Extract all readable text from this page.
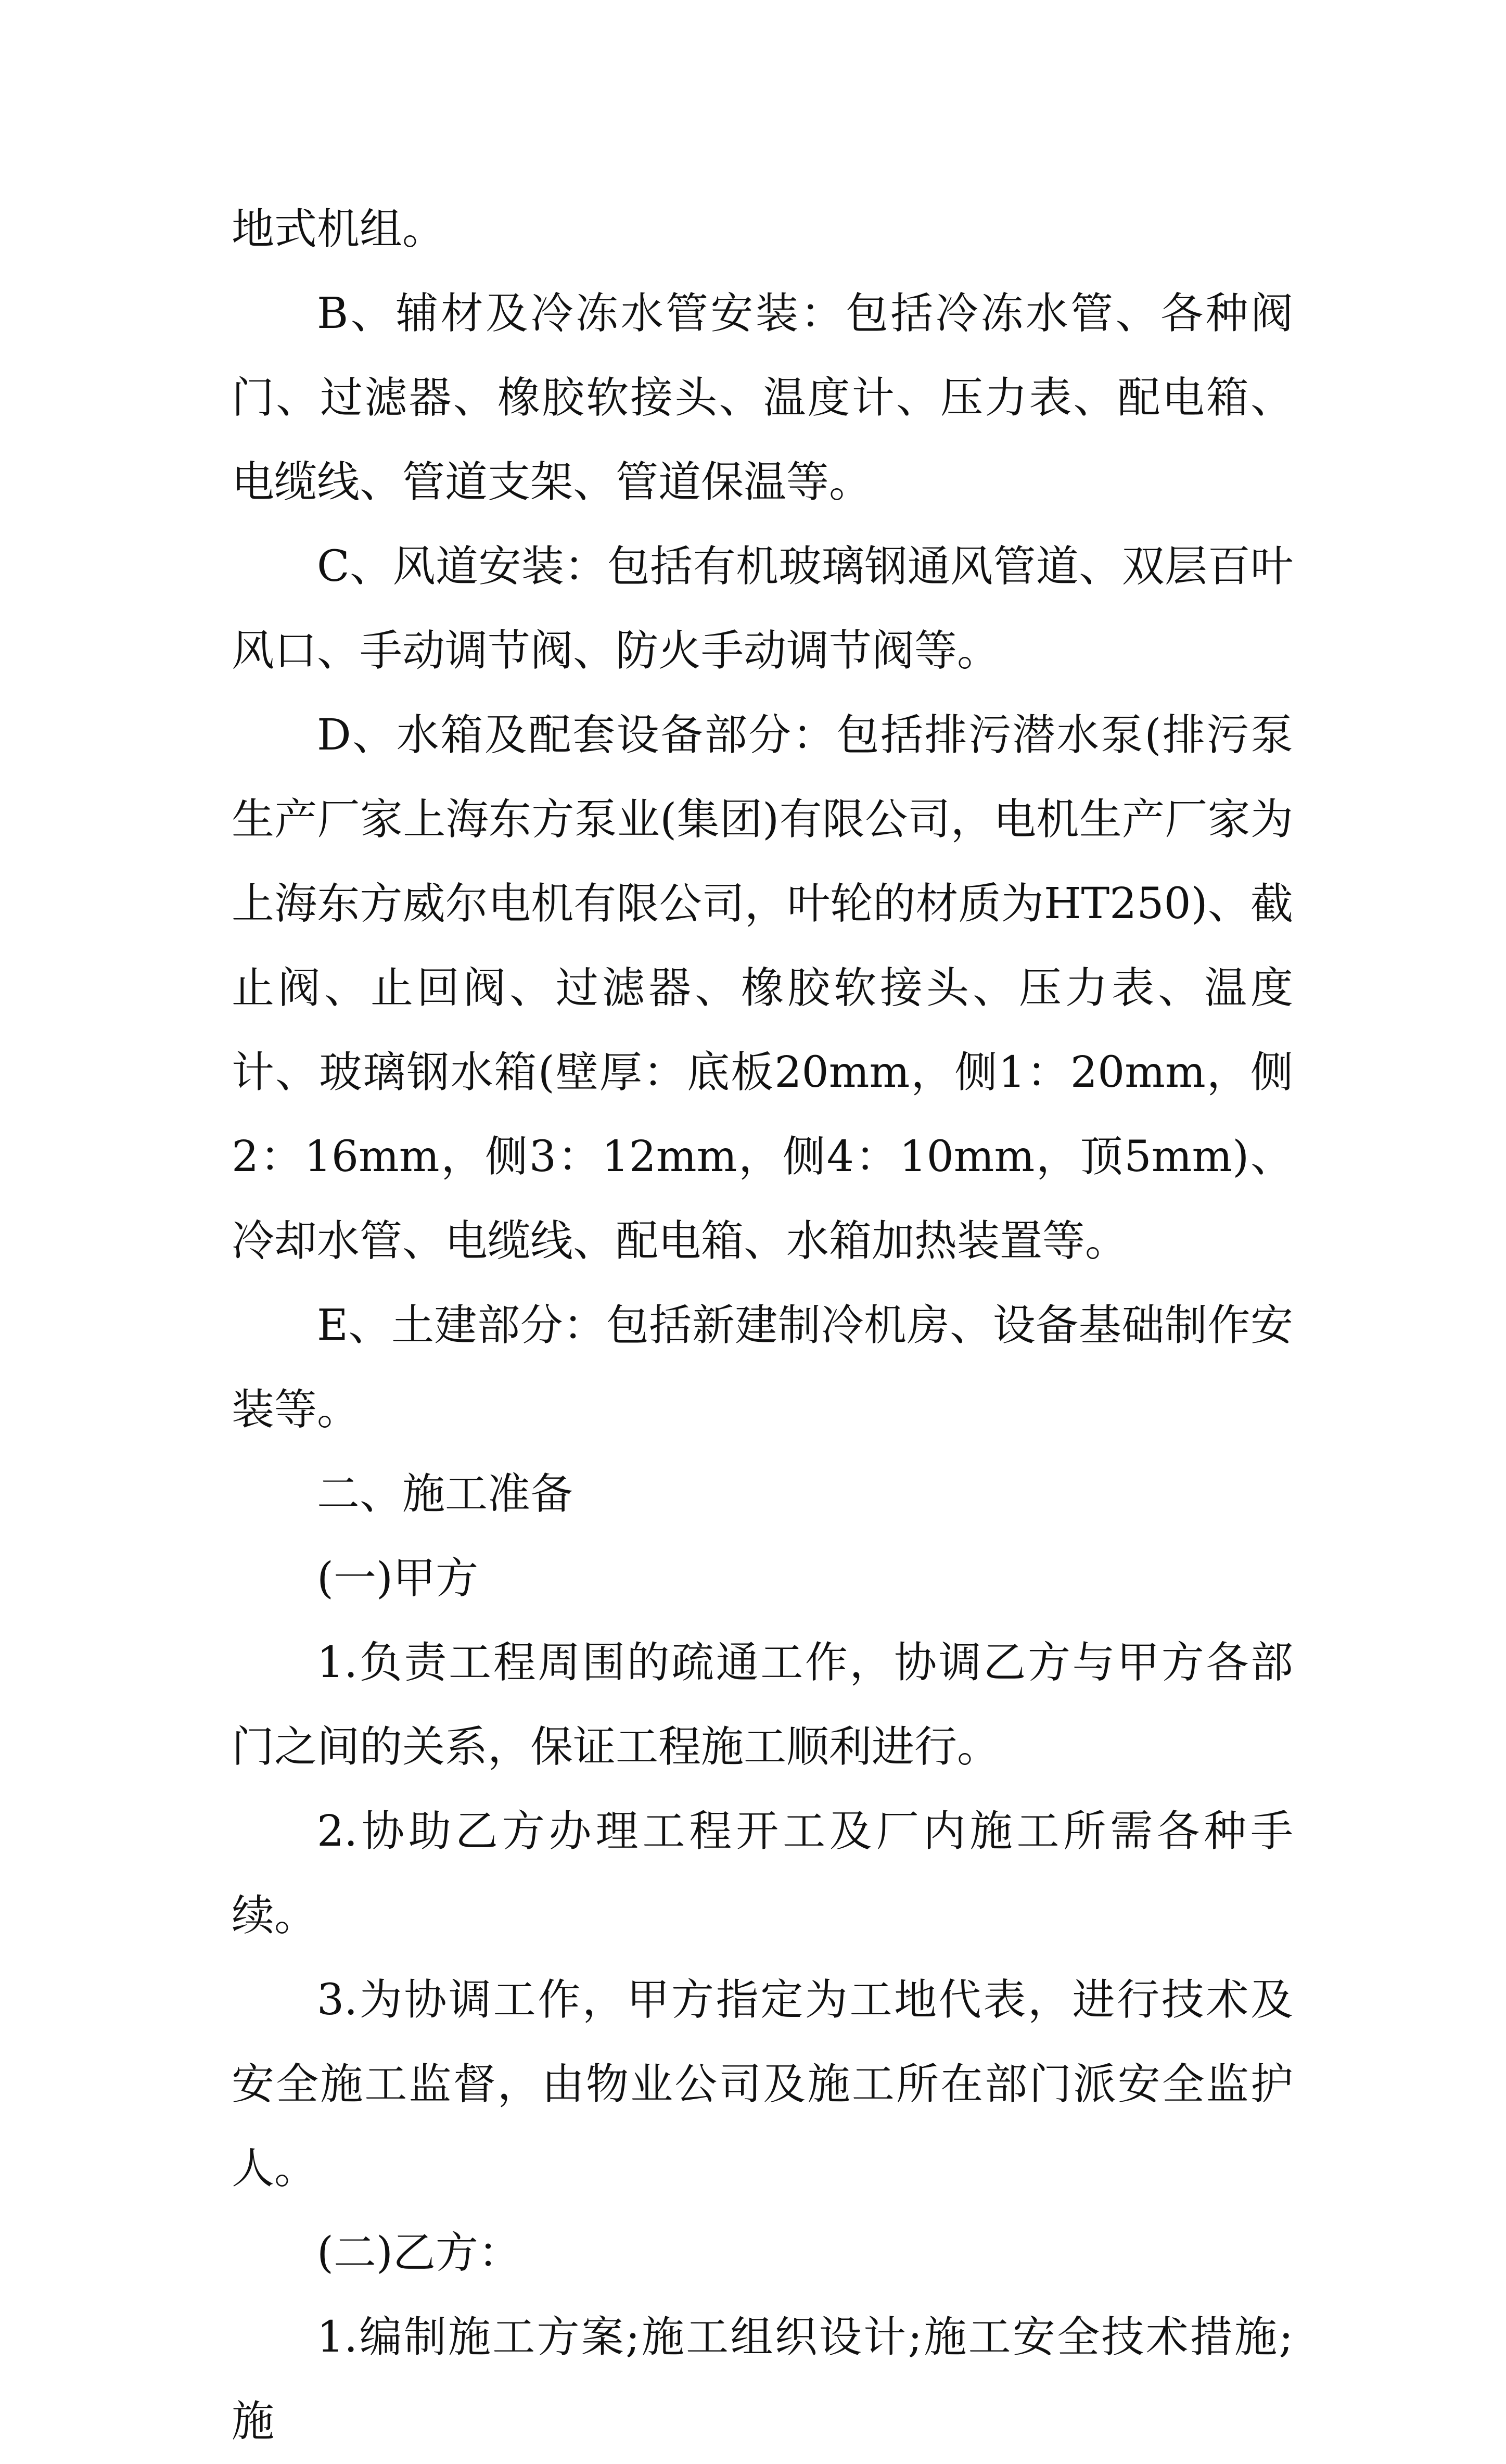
地式机组。

B、辅材及冷冻水管安装：包括冷冻水管、各种阀门、过滤器、橡胶软接头、温度计、压力表、配电箱、电缆线、管道支架、管道保温等。

C、风道安装：包括有机玻璃钢通风管道、双层百叶风口、手动调节阀、防火手动调节阀等。

D、水箱及配套设备部分：包括排污潜水泵(排污泵生产厂家上海东方泵业(集团)有限公司，电机生产厂家为上海东方威尔电机有限公司，叶轮的材质为HT250)、截止阀、止回阀、过滤器、橡胶软接头、压力表、温度计、玻璃钢水箱(壁厚：底板20mm，侧1：20mm，侧2：16mm，侧3：12mm，侧4：10mm，顶5mm)、冷却水管、电缆线、配电箱、水箱加热装置等。

E、土建部分：包括新建制冷机房、设备基础制作安装等。

二、施工准备

(一)甲方

1.负责工程周围的疏通工作，协调乙方与甲方各部门之间的关系，保证工程施工顺利进行。

2.协助乙方办理工程开工及厂内施工所需各种手续。

3.为协调工作，甲方指定为工地代表，进行技术及安全施工监督，由物业公司及施工所在部门派安全监护人。

(二)乙方：

1.编制施工方案;施工组织设计;施工安全技术措施;施
